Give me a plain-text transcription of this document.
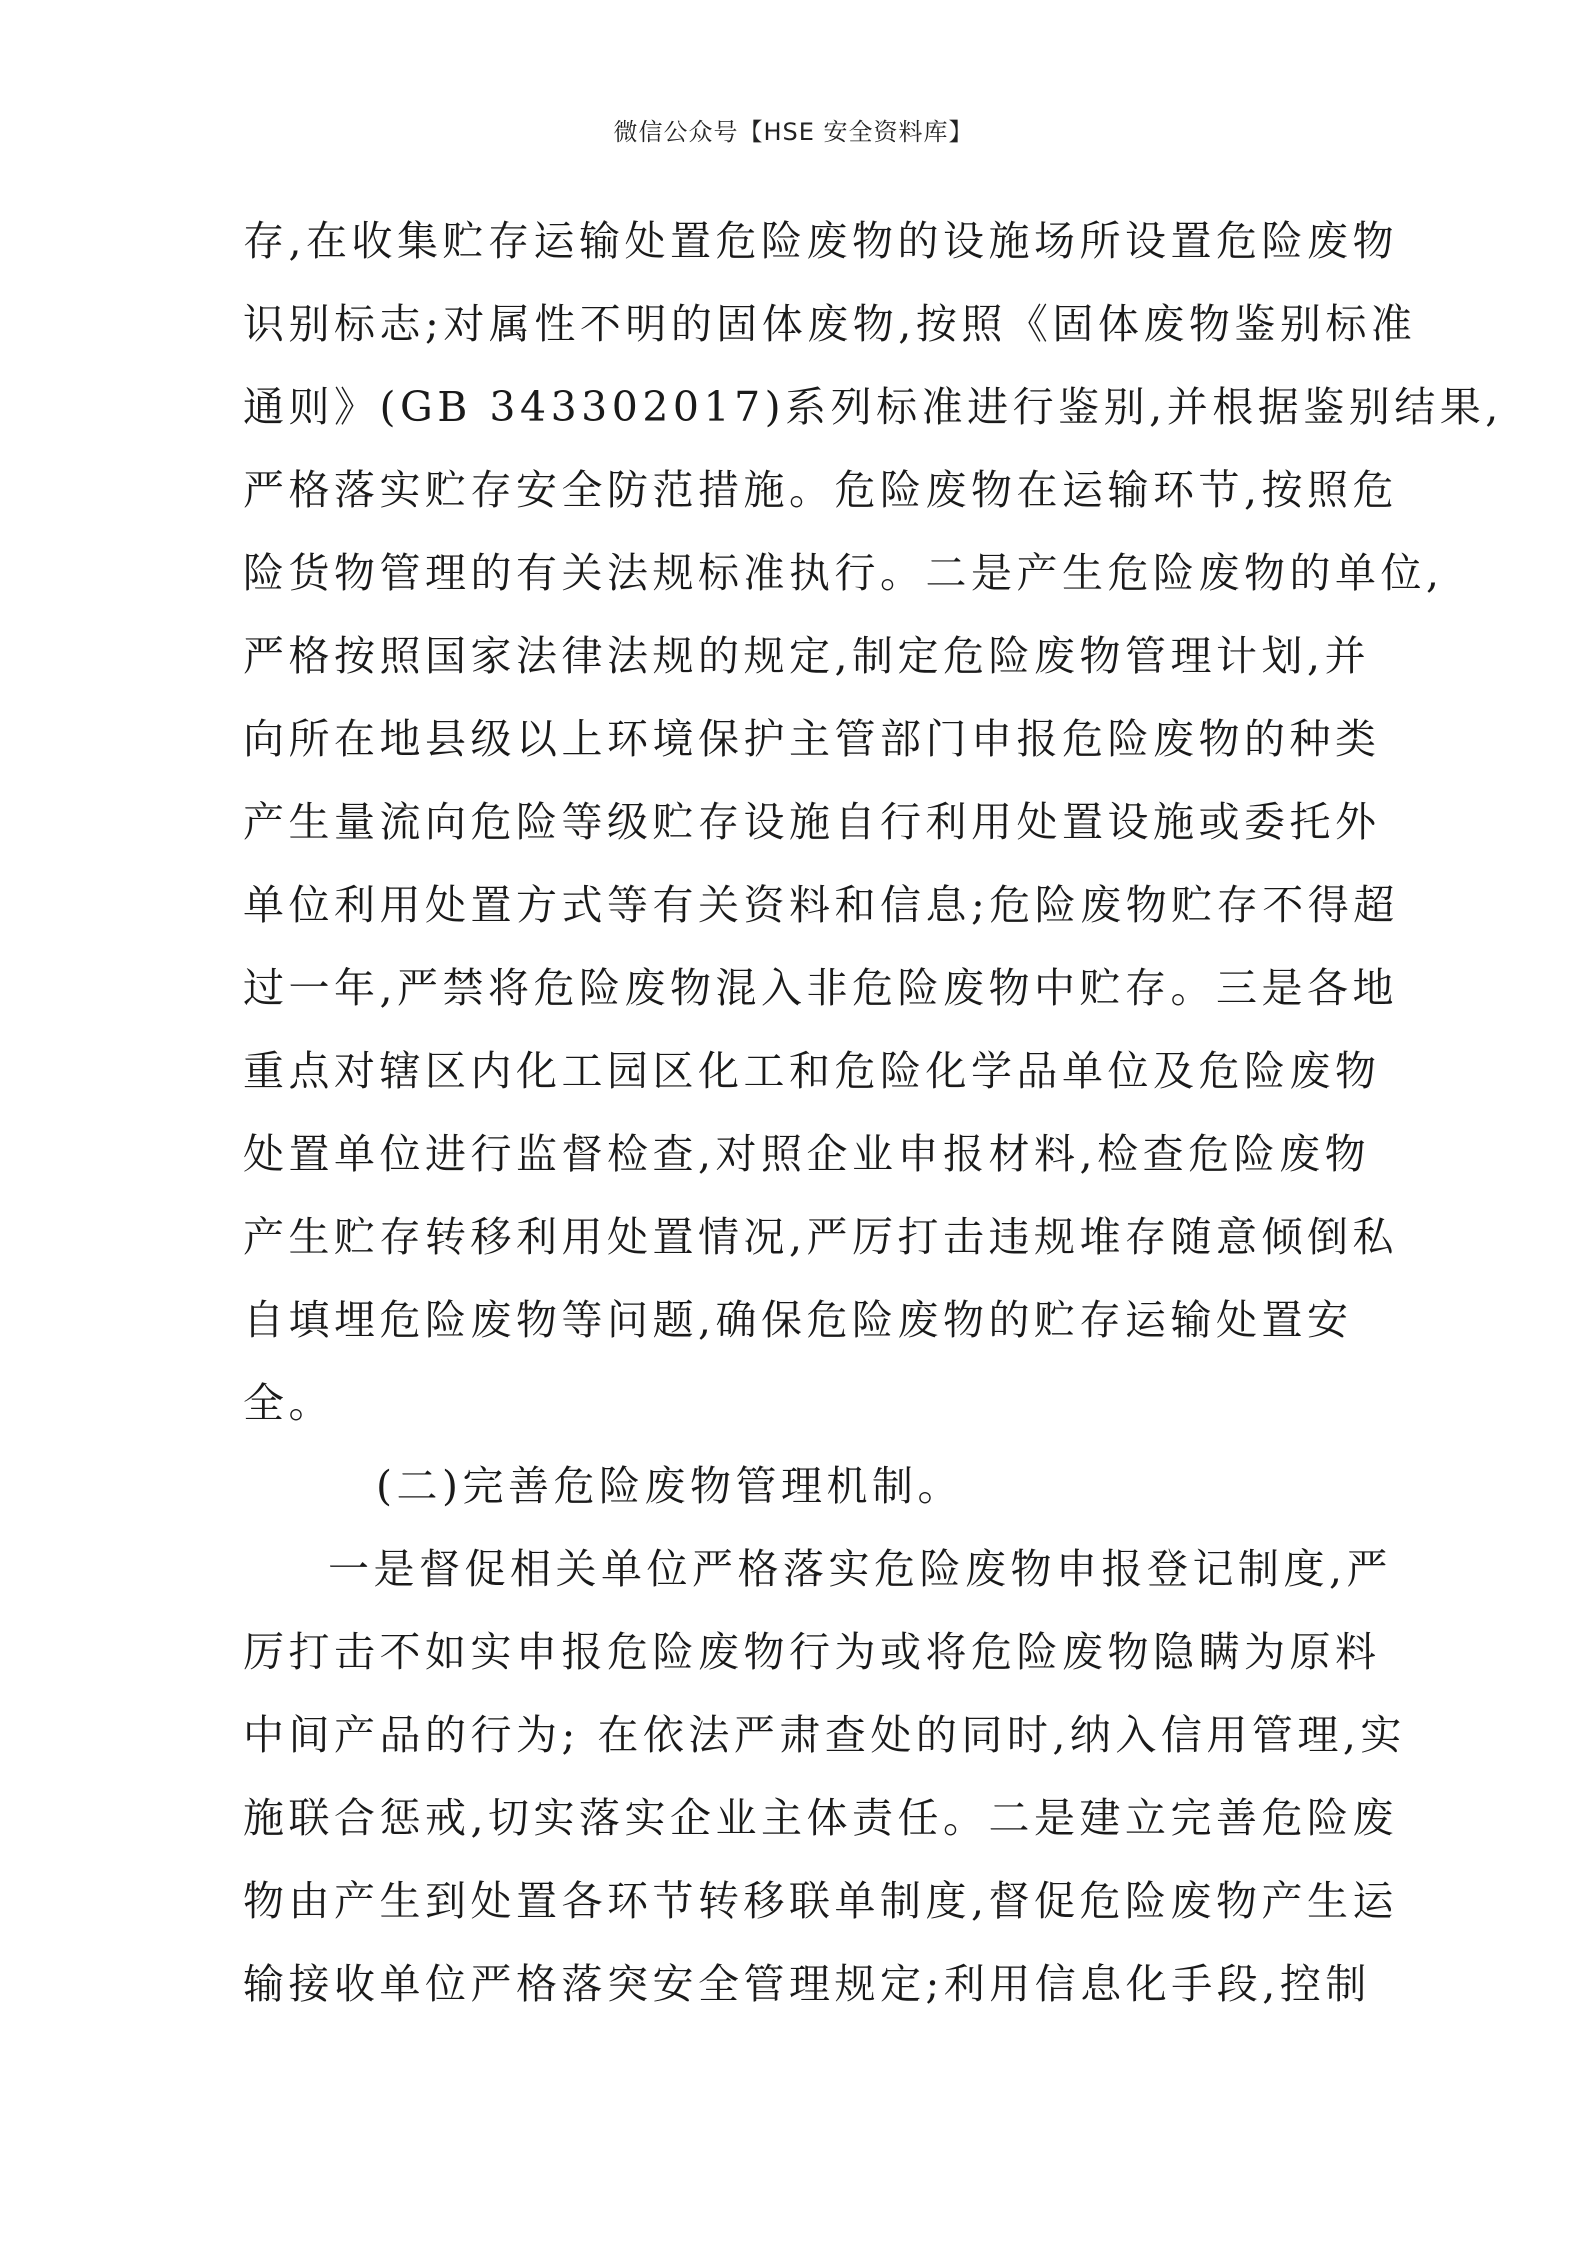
微信公众号【HSE 安全资料库】
存,在收集贮存运输处置危险废物的设施场所设置危险废物
识别标志;对属性不明的固体废物,按照《固体废物鉴别标准
通则》(GB 343302017)系列标准进行鉴别,并根据鉴别结果,
严格落实贮存安全防范措施。危险废物在运输环节,按照危
险货物管理的有关法规标准执行。二是产生危险废物的单位,
严格按照国家法律法规的规定,制定危险废物管理计划,并
向所在地县级以上环境保护主管部门申报危险废物的种类
产生量流向危险等级贮存设施自行利用处置设施或委托外
单位利用处置方式等有关资料和信息;危险废物贮存不得超
过一年,严禁将危险废物混入非危险废物中贮存。三是各地
重点对辖区内化工园区化工和危险化学品单位及危险废物
处置单位进行监督检查,对照企业申报材料,检查危险废物
产生贮存转移利用处置情况,严厉打击违规堆存随意倾倒私
自填埋危险废物等问题,确保危险废物的贮存运输处置安
全。
(二)完善危险废物管理机制。
一是督促相关单位严格落实危险废物申报登记制度,严
厉打击不如实申报危险废物行为或将危险废物隐瞒为原料
中间产品的行为; 在依法严肃查处的同时,纳入信用管理,实
施联合惩戒,切实落实企业主体责任。二是建立完善危险废
物由产生到处置各环节转移联单制度,督促危险废物产生运
输接收单位严格落突安全管理规定;利用信息化手段,控制
